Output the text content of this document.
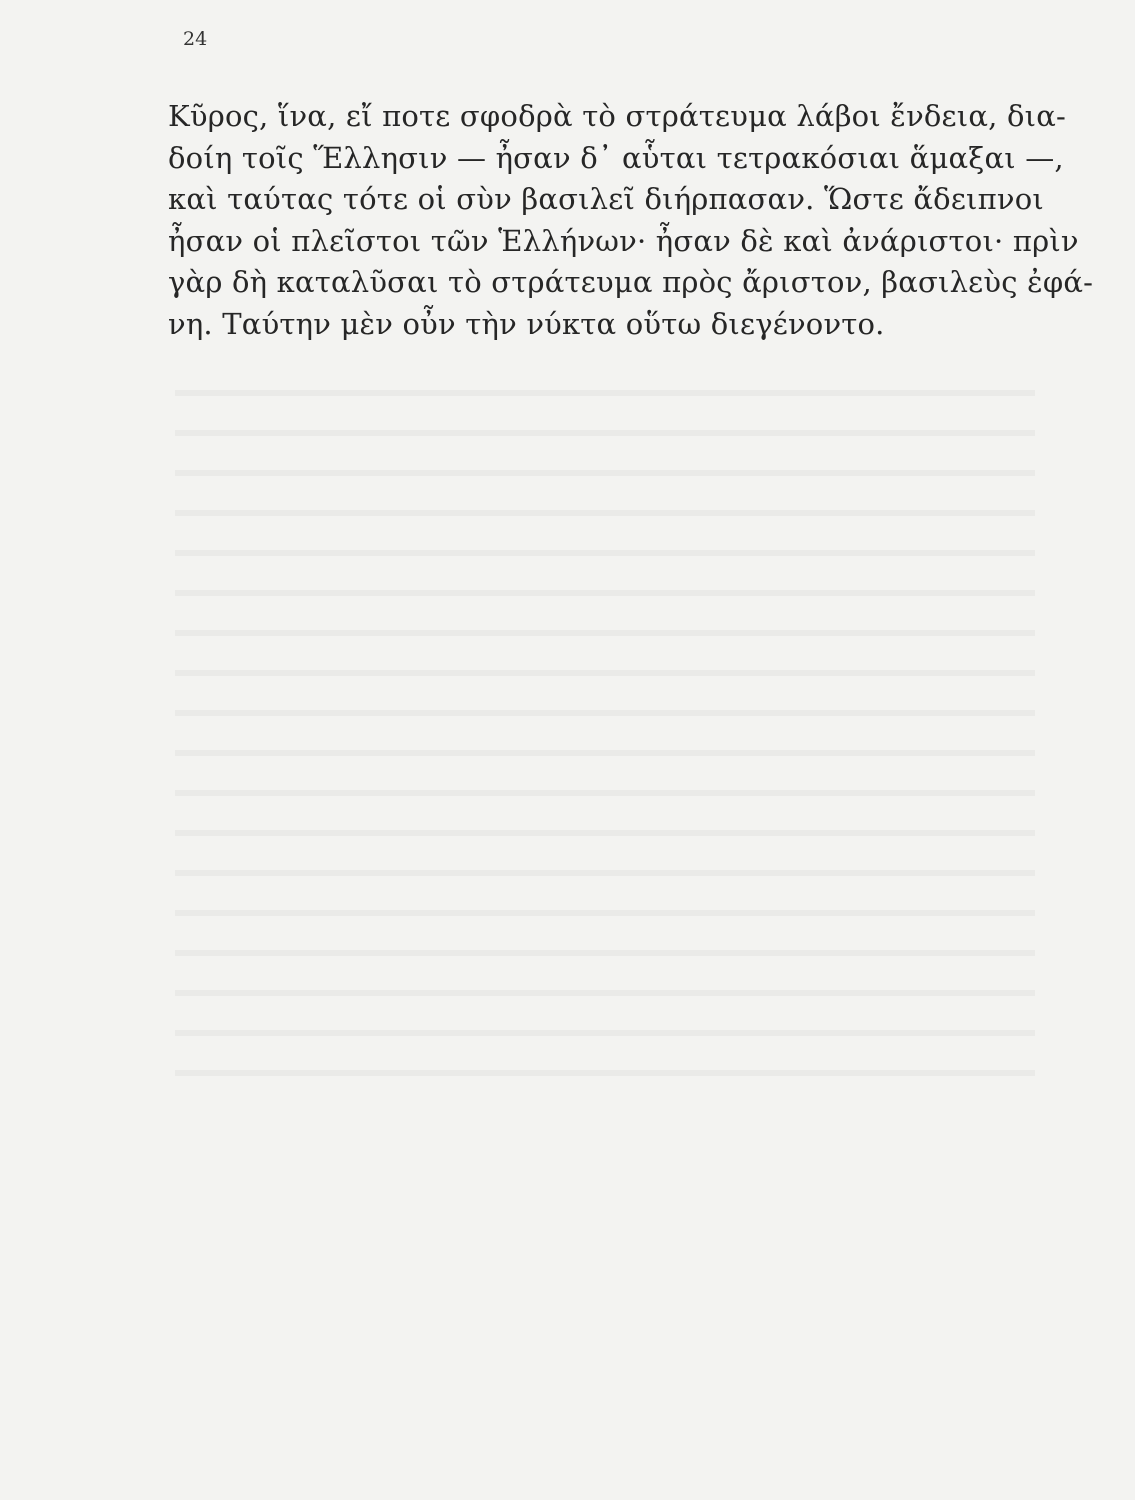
24
Κῦρος, ἵνα, εἴ ποτε σφοδρὰ τὸ στράτευμα λάβοι ἔνδεια, δια-
δοίη τοῖς Ἕλλησιν — ἦσαν δ᾽ αὗται τετρακόσιαι ἅμαξαι —,
καὶ ταύτας τότε οἱ σὺν βασιλεῖ διήρπασαν. Ὥστε ἄδειπνοι
ἦσαν οἱ πλεῖστοι τῶν Ἑλλήνων· ἦσαν δὲ καὶ ἀνάριστοι· πρὶν
γὰρ δὴ καταλῦσαι τὸ στράτευμα πρὸς ἄριστον, βασιλεὺς ἐφά-
νη. Ταύτην μὲν οὖν τὴν νύκτα οὕτω διεγένοντο.
